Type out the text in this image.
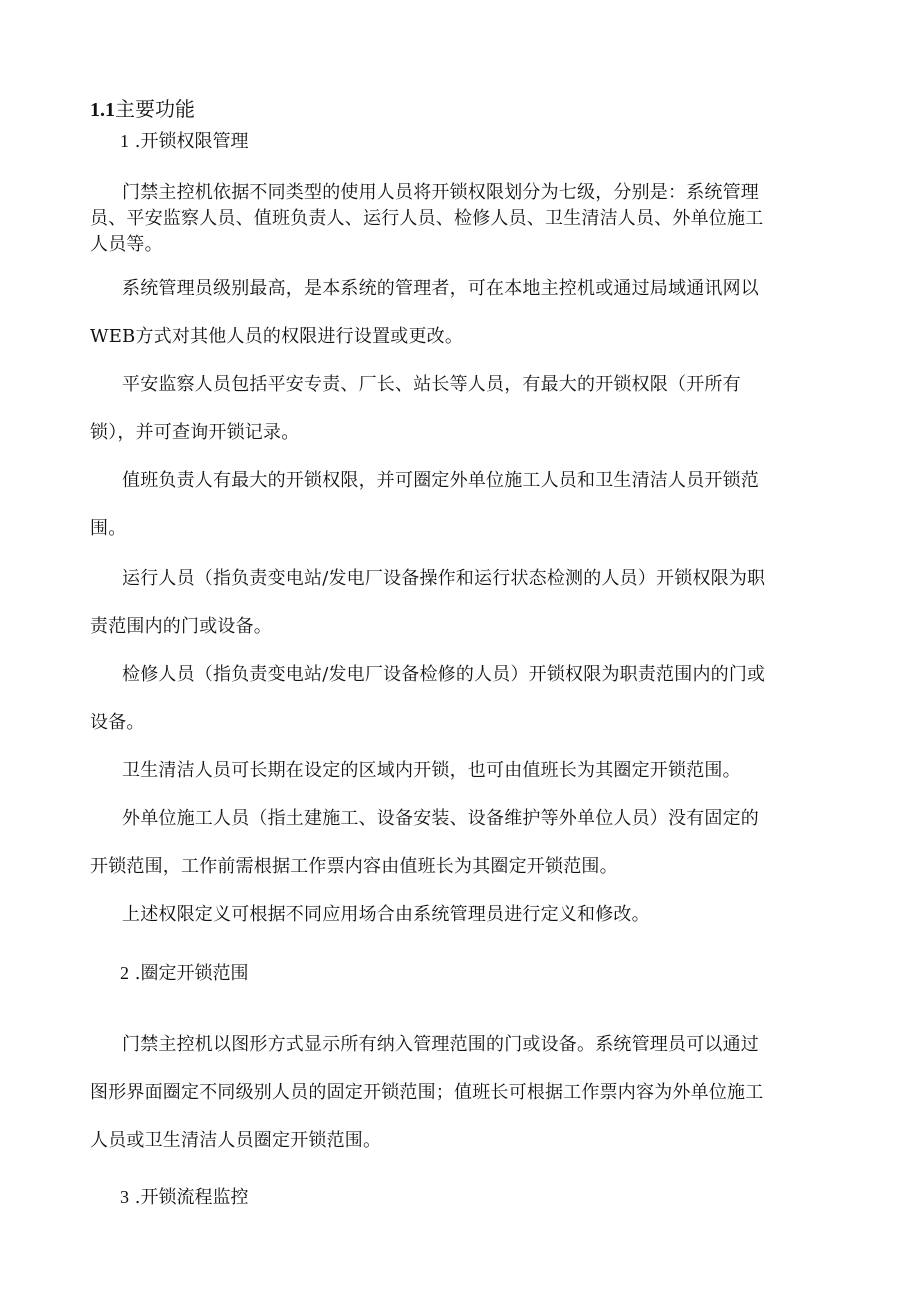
1.1主要功能
1 .开锁权限管理
门禁主控机依据不同类型的使用人员将开锁权限划分为七级，分别是：系统管理
员、平安监察人员、值班负责人、运行人员、检修人员、卫生清洁人员、外单位施工
人员等。
系统管理员级别最高，是本系统的管理者，可在本地主控机或通过局域通讯网以
WEB方式对其他人员的权限进行设置或更改。
平安监察人员包括平安专责、厂长、站长等人员，有最大的开锁权限（开所有
锁），并可查询开锁记录。
值班负责人有最大的开锁权限，并可圈定外单位施工人员和卫生清洁人员开锁范
围。
运行人员（指负责变电站/发电厂设备操作和运行状态检测的人员）开锁权限为职
责范围内的门或设备。
检修人员（指负责变电站/发电厂设备检修的人员）开锁权限为职责范围内的门或
设备。
卫生清洁人员可长期在设定的区域内开锁，也可由值班长为其圈定开锁范围。
外单位施工人员（指土建施工、设备安装、设备维护等外单位人员）没有固定的
开锁范围，工作前需根据工作票内容由值班长为其圈定开锁范围。
上述权限定义可根据不同应用场合由系统管理员进行定义和修改。
2 .圈定开锁范围
门禁主控机以图形方式显示所有纳入管理范围的门或设备。系统管理员可以通过
图形界面圈定不同级别人员的固定开锁范围；值班长可根据工作票内容为外单位施工
人员或卫生清洁人员圈定开锁范围。
3 .开锁流程监控
